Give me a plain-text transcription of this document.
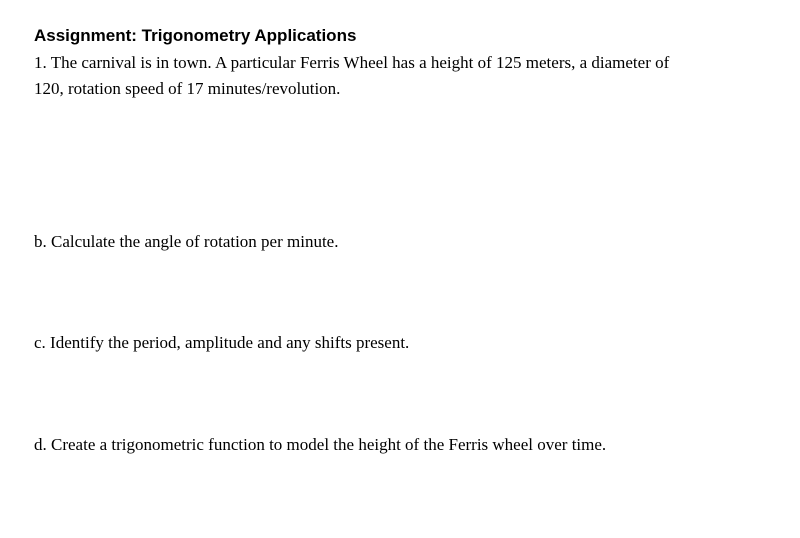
Assignment: Trigonometry Applications
1. The carnival is in town. A particular Ferris Wheel has a height of 125 meters, a diameter of
120, rotation speed of 17 minutes/revolution.
b. Calculate the angle of rotation per minute.
c. Identify the period, amplitude and any shifts present.
d. Create a trigonometric function to model the height of the Ferris wheel over time.
